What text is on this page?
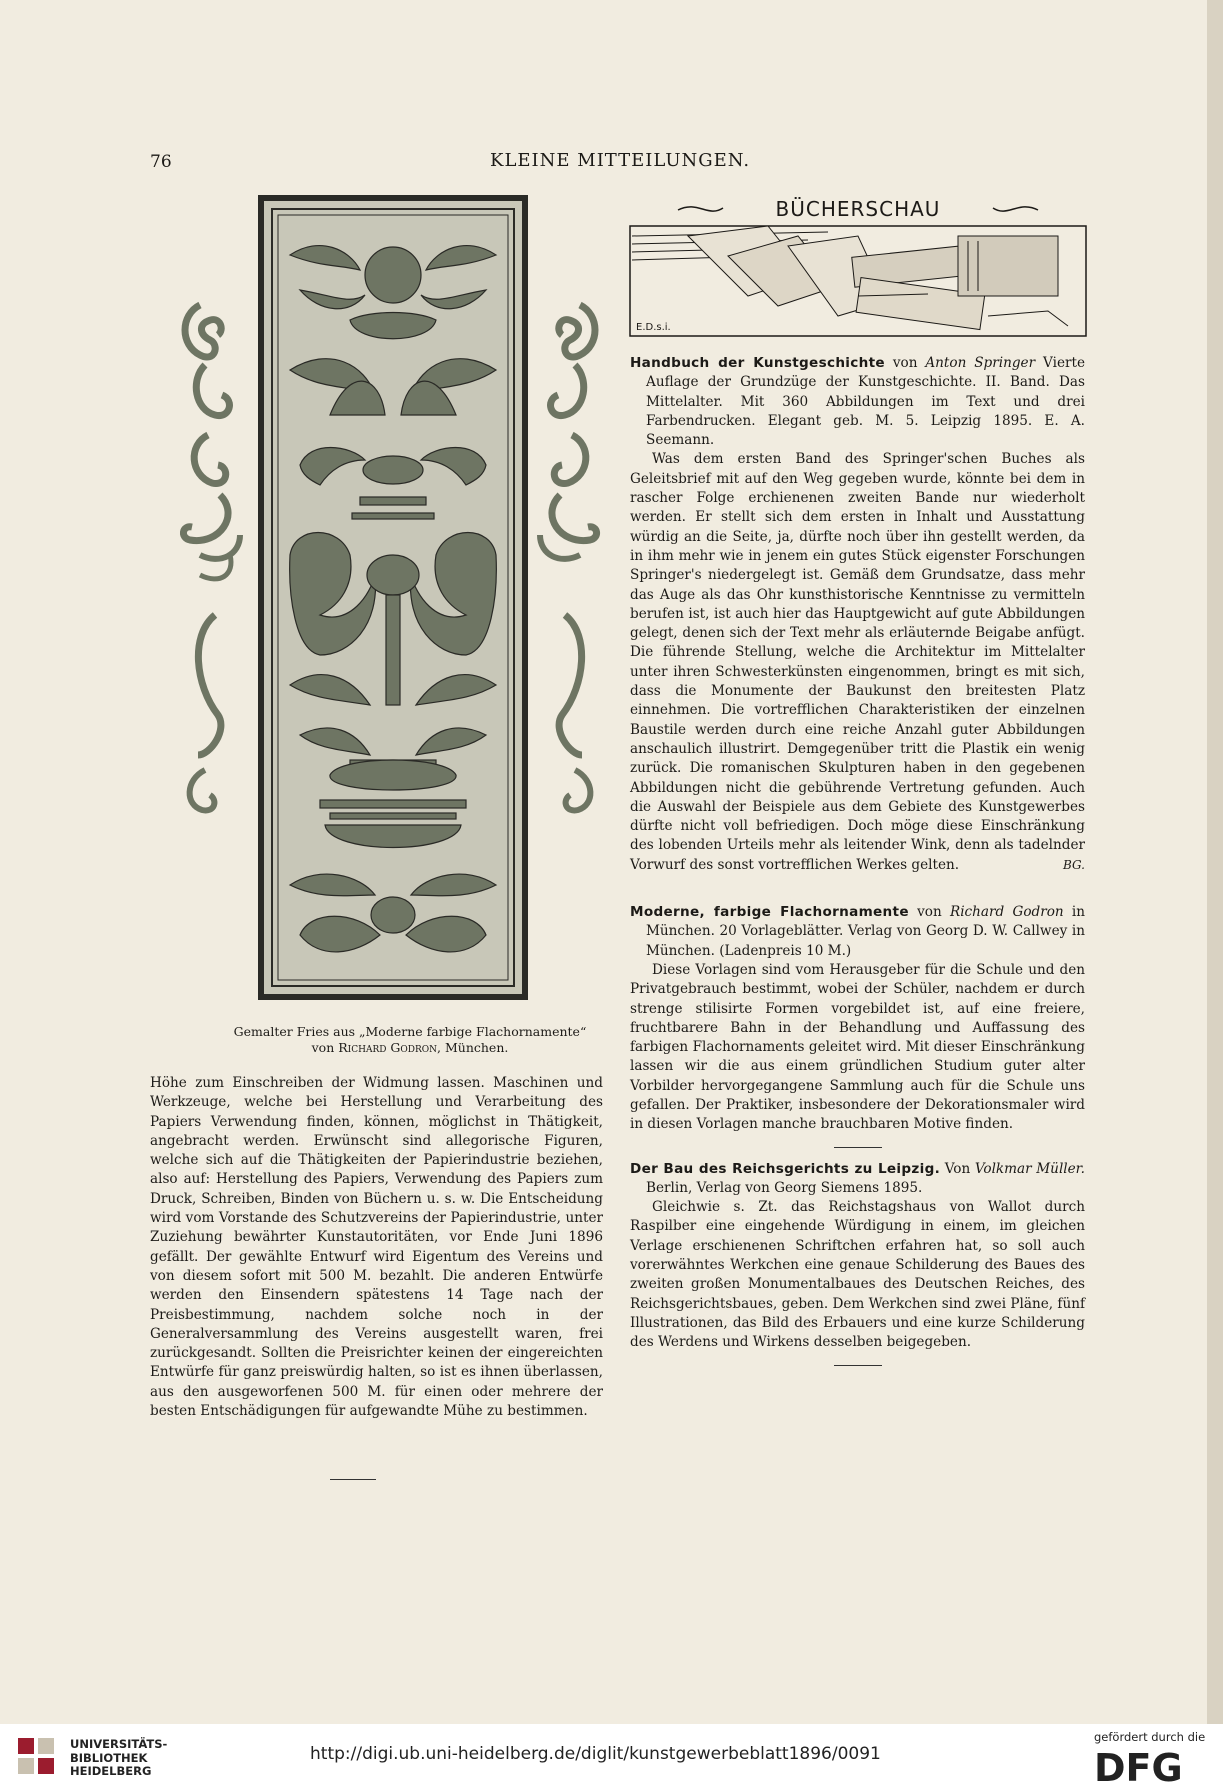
76	KLEINE MITTEILUNGEN.
Gemalter Fries aus „Moderne farbige Flachornamente“
von Richard Godron, München.
BÜCHERSCHAU
E.D.s.i.

Handbuch der Kunstgeschichte von Anton Springer Vierte Auflage der Grundzüge der Kunstgeschichte. II. Band. Das Mittelalter. Mit 360 Abbildungen im Text und drei Farbendrucken. Elegant geb. M. 5. Leipzig 1895. E. A. Seemann.

Was dem ersten Band des Springer'schen Buches als Geleitsbrief mit auf den Weg gegeben wurde, könnte bei dem in rascher Folge erchienenen zweiten Bande nur wiederholt werden. Er stellt sich dem ersten in Inhalt und Ausstattung würdig an die Seite, ja, dürfte noch über ihn gestellt werden, da in ihm mehr wie in jenem ein gutes Stück eigenster Forschungen Springer's niedergelegt ist. Gemäß dem Grundsatze, dass mehr das Auge als das Ohr kunsthistorische Kenntnisse zu vermitteln berufen ist, ist auch hier das Hauptgewicht auf gute Abbildungen gelegt, denen sich der Text mehr als erläuternde Beigabe anfügt. Die führende Stellung, welche die Architektur im Mittelalter unter ihren Schwesterkünsten eingenommen, bringt es mit sich, dass die Monumente der Baukunst den breitesten Platz einnehmen. Die vortrefflichen Charakteristiken der einzelnen Baustile werden durch eine reiche Anzahl guter Abbildungen anschaulich illustrirt. Demgegenüber tritt die Plastik ein wenig zurück. Die romanischen Skulpturen haben in den gegebenen Abbildungen nicht die gebührende Vertretung gefunden. Auch die Auswahl der Beispiele aus dem Gebiete des Kunstgewerbes dürfte nicht voll befriedigen. Doch möge diese Einschränkung des lobenden Urteils mehr als leitender Wink, denn als tadelnder Vorwurf des sonst vortrefflichen Werkes gelten.	BG.

Moderne, farbige Flachornamente von Richard Godron in München. 20 Vorlageblätter. Verlag von Georg D. W. Callwey in München. (Ladenpreis 10 M.)

Diese Vorlagen sind vom Herausgeber für die Schule und den Privatgebrauch bestimmt, wobei der Schüler, nachdem er durch strenge stilisirte Formen vorgebildet ist, auf eine freiere, fruchtbarere Bahn in der Behandlung und Auffassung des farbigen Flachornaments geleitet wird. Mit dieser Einschränkung lassen wir die aus einem gründlichen Studium guter alter Vorbilder hervorgegangene Sammlung auch für die Schule uns gefallen. Der Praktiker, insbesondere der Dekorationsmaler wird in diesen Vorlagen manche brauchbaren Motive finden.

Der Bau des Reichsgerichts zu Leipzig. Von Volkmar Müller. Berlin, Verlag von Georg Siemens 1895.

Gleichwie s. Zt. das Reichstagshaus von Wallot durch Raspilber eine eingehende Würdigung in einem, im gleichen Verlage erschienenen Schriftchen erfahren hat, so soll auch vorerwähntes Werkchen eine genaue Schilderung des Baues des zweiten großen Monumentalbaues des Deutschen Reiches, des Reichsgerichtsbaues, geben. Dem Werkchen sind zwei Pläne, fünf Illustrationen, das Bild des Erbauers und eine kurze Schilderung des Werdens und Wirkens desselben beigegeben.

Höhe zum Einschreiben der Widmung lassen. Maschinen und Werkzeuge, welche bei Herstellung und Verarbeitung des Papiers Verwendung finden, können, möglichst in Thätigkeit, angebracht werden. Erwünscht sind allegorische Figuren, welche sich auf die Thätigkeiten der Papierindustrie beziehen, also auf: Herstellung des Papiers, Verwendung des Papiers zum Druck, Schreiben, Binden von Büchern u. s. w. Die Entscheidung wird vom Vorstande des Schutzvereins der Papierindustrie, unter Zuziehung bewährter Kunstautoritäten, vor Ende Juni 1896 gefällt. Der gewählte Entwurf wird Eigentum des Vereins und von diesem sofort mit 500 M. bezahlt. Die anderen Entwürfe werden den Einsendern spätestens 14 Tage nach der Preisbestimmung, nachdem solche noch in der Generalversammlung des Vereins ausgestellt waren, frei zurückgesandt. Sollten die Preisrichter keinen der eingereichten Entwürfe für ganz preiswürdig halten, so ist es ihnen überlassen, aus den ausgeworfenen 500 M. für einen oder mehrere der besten Entschädigungen für aufgewandte Mühe zu bestimmen.

UNIVERSITÄTS-
BIBLIOTHEK
HEIDELBERG
http://digi.ub.uni-heidelberg.de/diglit/kunstgewerbeblatt1896/0091
gefördert durch die
DFG
